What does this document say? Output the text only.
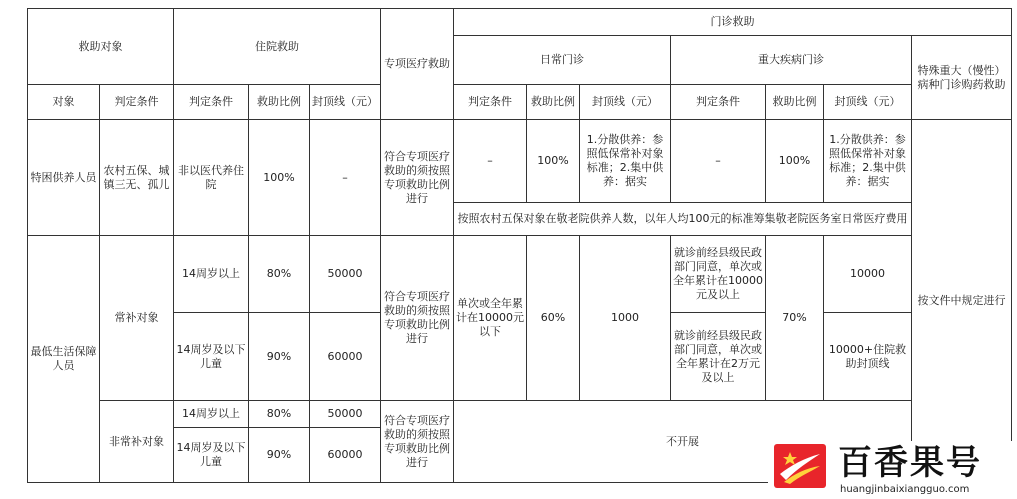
救助对象		住院救助			专项医疗救助	门诊救助						
						日常门诊			重大疾病门诊			特殊重大（慢性）病种门诊购药救助
对象	判定条件	判定条件	救助比例	封顶线（元）		判定条件	救助比例	封顶线（元）	判定条件	救助比例	封顶线（元）	
特困供养人员	农村五保、城镇三无、孤儿	非以医代养住院	100%	–	符合专项医疗救助的须按照专项救助比例进行	–	100%	1.分散供养：参照低保常补对象标准；2.集中供养：据实	–	100%	1.分散供养：参照低保常补对象标准；2.集中供养：据实	按文件中规定进行
						按照农村五保对象在敬老院供养人数，以年人均100元的标准筹集敬老院医务室日常医疗费用						
最低生活保障人员	常补对象	14周岁以上	80%	50000	符合专项医疗救助的须按照专项救助比例进行	单次或全年累计在10000元以下	60%	1000	就诊前经县级民政部门同意，单次或全年累计在10000元及以上	70%	10000	
		14周岁及以下儿童	90%	60000					就诊前经县级民政部门同意，单次或全年累计在2万元及以上		10000+住院救助封顶线	
	非常补对象	14周岁以上	80%	50000	符合专项医疗救助的须按照专项救助比例进行	不开展						
		14周岁及以下儿童	90%	60000									百香果号
huangjinbaixiangguo.com
